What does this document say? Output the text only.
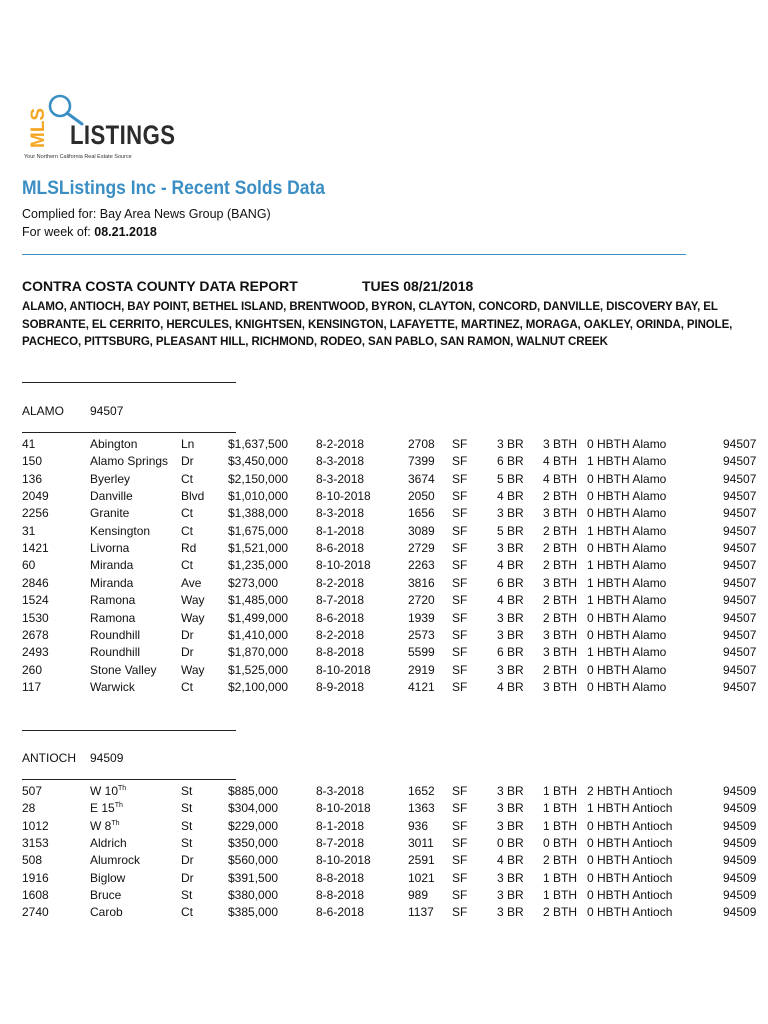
MLS LISTINGS
Your Northern California Real Estate Source
MLSListings Inc - Recent Solds Data
Complied for: Bay Area News Group (BANG)
For week of: 08.21.2018
CONTRA COSTA COUNTY DATA REPORT	TUES 08/21/2018
ALAMO, ANTIOCH, BAY POINT, BETHEL ISLAND, BRENTWOOD, BYRON, CLAYTON, CONCORD, DANVILLE, DISCOVERY BAY, EL SOBRANTE, EL CERRITO, HERCULES, KNIGHTSEN, KENSINGTON, LAFAYETTE, MARTINEZ, MORAGA, OAKLEY, ORINDA, PINOLE, PACHECO, PITTSBURG, PLEASANT HILL, RICHMOND, RODEO, SAN PABLO, SAN RAMON, WALNUT CREEK
ALAMO 94507
41	Abington	Ln	$1,637,500 8-2-2018	2708 SF 3 BR 3 BTH 0 HBTH Alamo	94507
150	Alamo Springs Dr	$3,450,000 8-3-2018	7399 SF 6 BR 4 BTH 1 HBTH Alamo	94507
136	Byerley	Ct	$2,150,000 8-3-2018	3674 SF 5 BR 4 BTH 0 HBTH Alamo	94507
2049	Danville	Blvd $1,010,000 8-10-2018	2050 SF 4 BR 2 BTH 0 HBTH Alamo	94507
2256	Granite	Ct	$1,388,000 8-3-2018	1656 SF 3 BR 3 BTH 0 HBTH Alamo	94507
31	Kensington	Ct	$1,675,000 8-1-2018	3089 SF 5 BR 2 BTH 1 HBTH Alamo	94507
1421	Livorna	Rd	$1,521,000 8-6-2018	2729 SF 3 BR 2 BTH 0 HBTH Alamo	94507
60	Miranda	Ct	$1,235,000 8-10-2018	2263 SF 4 BR 2 BTH 1 HBTH Alamo	94507
2846	Miranda	Ave $273,000	8-2-2018	3816 SF 6 BR 3 BTH 1 HBTH Alamo	94507
1524	Ramona	Way $1,485,000 8-7-2018	2720 SF 4 BR 2 BTH 1 HBTH Alamo	94507
1530	Ramona	Way $1,499,000 8-6-2018	1939 SF 3 BR 2 BTH 0 HBTH Alamo	94507
2678	Roundhill	Dr	$1,410,000 8-2-2018	2573 SF 3 BR 3 BTH 0 HBTH Alamo	94507
2493	Roundhill	Dr	$1,870,000 8-8-2018	5599 SF 6 BR 3 BTH 1 HBTH Alamo	94507
260	Stone Valley Way $1,525,000 8-10-2018	2919 SF 3 BR 2 BTH 0 HBTH Alamo	94507
117	Warwick	Ct	$2,100,000 8-9-2018	4121 SF 4 BR 3 BTH 0 HBTH Alamo	94507
ANTIOCH 94509
507	W 10Th	St	$885,000	8-3-2018	1652 SF 3 BR 1 BTH 2 HBTH Antioch	94509
28	E 15Th	St	$304,000	8-10-2018	1363 SF 3 BR 1 BTH 1 HBTH Antioch	94509
1012	W 8Th	St	$229,000	8-1-2018	936 SF 3 BR 1 BTH 0 HBTH Antioch	94509
3153	Aldrich	St	$350,000	8-7-2018	3011 SF 0 BR 0 BTH 0 HBTH Antioch	94509
508	Alumrock	Dr	$560,000	8-10-2018	2591 SF 4 BR 2 BTH 0 HBTH Antioch	94509
1916	Biglow	Dr	$391,500	8-8-2018	1021 SF 3 BR 1 BTH 0 HBTH Antioch	94509
1608	Bruce	St	$380,000	8-8-2018	989 SF 3 BR 1 BTH 0 HBTH Antioch	94509
2740	Carob	Ct	$385,000	8-6-2018	1137 SF 3 BR 2 BTH 0 HBTH Antioch	94509
